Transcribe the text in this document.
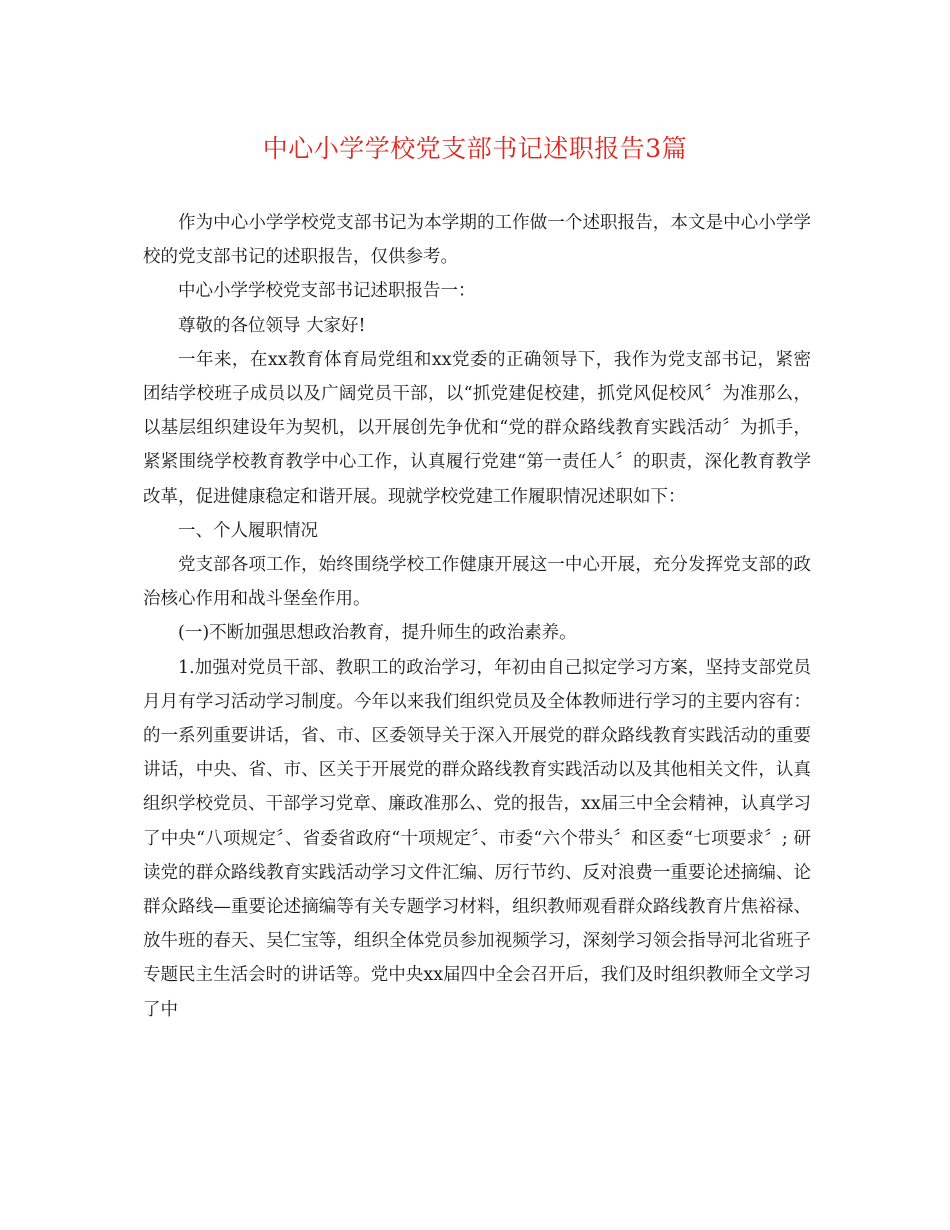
中心小学学校党支部书记述职报告3篇

作为中心小学学校党支部书记为本学期的工作做一个述职报告，本文是中心小学学校的党支部书记的述职报告，仅供参考。

中心小学学校党支部书记述职报告一：

尊敬的各位领导 大家好!

一年来，在xx教育体育局党组和xx党委的正确领导下，我作为党支部书记，紧密团结学校班子成员以及广阔党员干部，以“抓党建促校建，抓党风促校风〞为准那么，以基层组织建设年为契机，以开展创先争优和“党的群众路线教育实践活动〞为抓手，紧紧围绕学校教育教学中心工作，认真履行党建“第一责任人〞的职责，深化教育教学改革，促进健康稳定和谐开展。现就学校党建工作履职情况述职如下：

一、个人履职情况

党支部各项工作，始终围绕学校工作健康开展这一中心开展，充分发挥党支部的政治核心作用和战斗堡垒作用。

(一)不断加强思想政治教育，提升师生的政治素养。

1.加强对党员干部、教职工的政治学习，年初由自己拟定学习方案，坚持支部党员月月有学习活动学习制度。今年以来我们组织党员及全体教师进行学习的主要内容有：的一系列重要讲话，省、市、区委领导关于深入开展党的群众路线教育实践活动的重要讲话，中央、省、市、区关于开展党的群众路线教育实践活动以及其他相关文件，认真组织学校党员、干部学习党章、廉政准那么、党的报告，xx届三中全会精神，认真学习了中央“八项规定〞、省委省政府“十项规定〞、市委“六个带头〞和区委“七项要求〞; 研读党的群众路线教育实践活动学习文件汇编、厉行节约、反对浪费一重要论述摘编、论群众路线—重要论述摘编等有关专题学习材料，组织教师观看群众路线教育片焦裕禄、放牛班的春天、吴仁宝等，组织全体党员参加视频学习，深刻学习领会指导河北省班子专题民主生活会时的讲话等。党中央xx届四中全会召开后，我们及时组织教师全文学习了中
